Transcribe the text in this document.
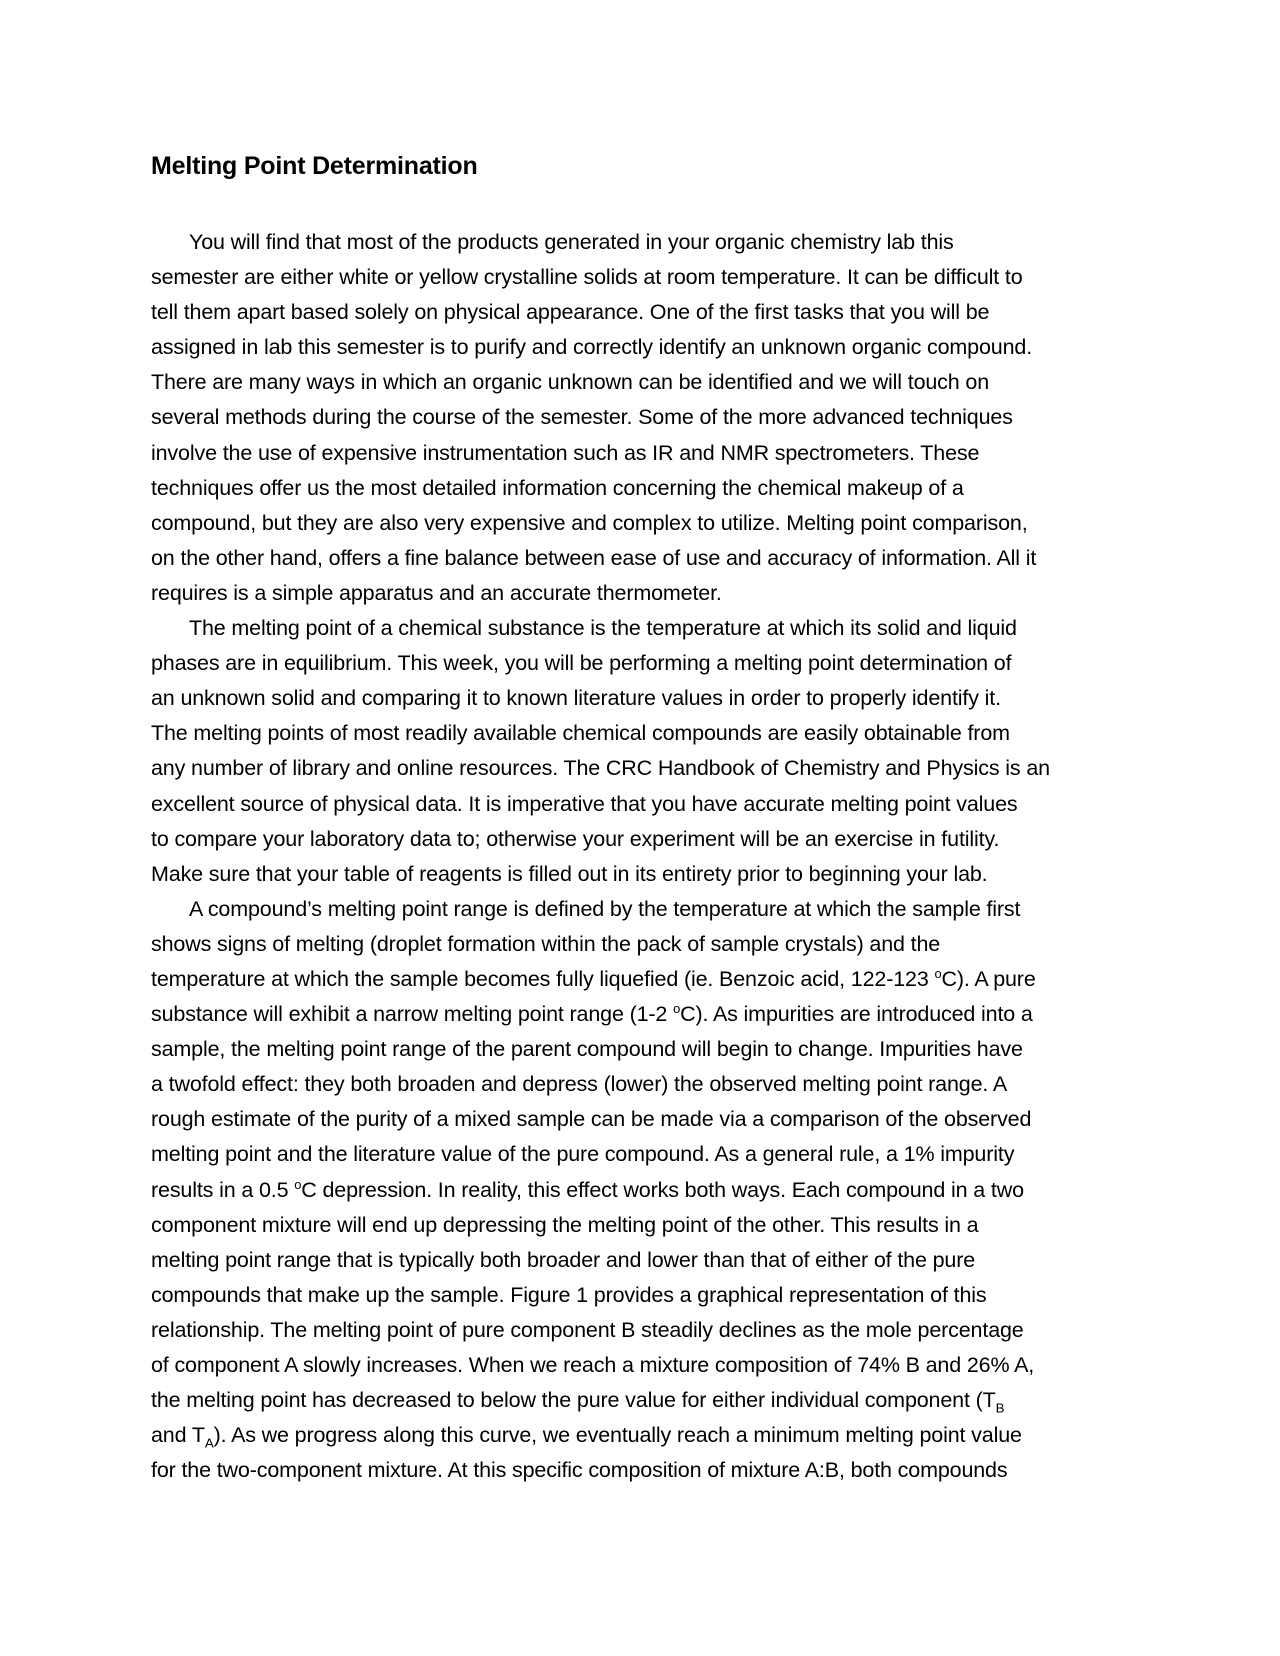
Melting Point Determination
You will find that most of the products generated in your organic chemistry lab this
semester are either white or yellow crystalline solids at room temperature. It can be difficult to
tell them apart based solely on physical appearance. One of the first tasks that you will be
assigned in lab this semester is to purify and correctly identify an unknown organic compound.
There are many ways in which an organic unknown can be identified and we will touch on
several methods during the course of the semester. Some of the more advanced techniques
involve the use of expensive instrumentation such as IR and NMR spectrometers. These
techniques offer us the most detailed information concerning the chemical makeup of a
compound, but they are also very expensive and complex to utilize. Melting point comparison,
on the other hand, offers a fine balance between ease of use and accuracy of information. All it
requires is a simple apparatus and an accurate thermometer.
The melting point of a chemical substance is the temperature at which its solid and liquid
phases are in equilibrium. This week, you will be performing a melting point determination of
an unknown solid and comparing it to known literature values in order to properly identify it.
The melting points of most readily available chemical compounds are easily obtainable from
any number of library and online resources. The CRC Handbook of Chemistry and Physics is an
excellent source of physical data. It is imperative that you have accurate melting point values
to compare your laboratory data to; otherwise your experiment will be an exercise in futility.
Make sure that your table of reagents is filled out in its entirety prior to beginning your lab.
A compound’s melting point range is defined by the temperature at which the sample first
shows signs of melting (droplet formation within the pack of sample crystals) and the
temperature at which the sample becomes fully liquefied (ie. Benzoic acid, 122-123 $^o$C). A pure
substance will exhibit a narrow melting point range (1-2 $^o$C). As impurities are introduced into a
sample, the melting point range of the parent compound will begin to change. Impurities have
a twofold effect: they both broaden and depress (lower) the observed melting point range. A
rough estimate of the purity of a mixed sample can be made via a comparison of the observed
melting point and the literature value of the pure compound. As a general rule, a 1% impurity
results in a 0.5 $^o$C depression. In reality, this effect works both ways. Each compound in a two
component mixture will end up depressing the melting point of the other. This results in a
melting point range that is typically both broader and lower than that of either of the pure
compounds that make up the sample. Figure 1 provides a graphical representation of this
relationship. The melting point of pure component B steadily declines as the mole percentage
of component A slowly increases. When we reach a mixture composition of 74% B and 26% A,
the melting point has decreased to below the pure value for either individual component ($T_B$
and $T_A$). As we progress along this curve, we eventually reach a minimum melting point value
for the two-component mixture. At this specific composition of mixture A:B, both compounds
